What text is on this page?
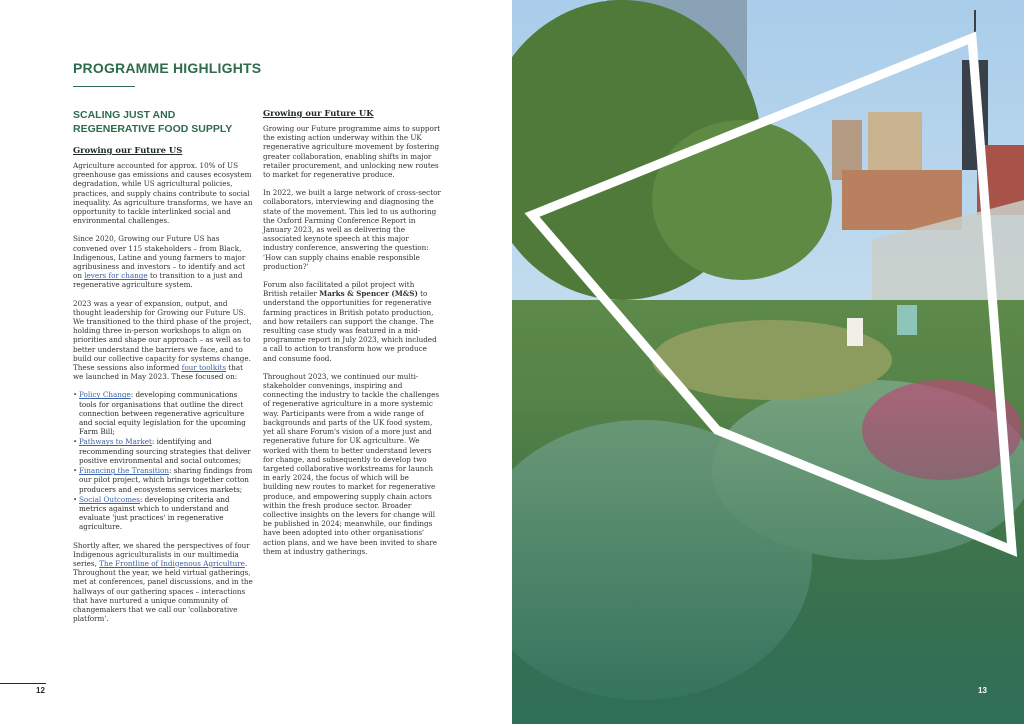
PROGRAMME HIGHLIGHTS
SCALING JUST AND REGENERATIVE FOOD SUPPLY
Growing our Future US

Agriculture accounted for approx. 10% of US greenhouse gas emissions and causes ecosystem degradation, while US agricultural policies, practices, and supply chains contribute to social inequality. As agriculture transforms, we have an opportunity to tackle interlinked social and environmental challenges.

Since 2020, Growing our Future US has convened over 115 stakeholders – from Black, Indigenous, Latine and young farmers to major agribusiness and investors – to identify and act on levers for change to transition to a just and regenerative agriculture system.

2023 was a year of expansion, output, and thought leadership for Growing our Future US. We transitioned to the third phase of the project, holding three in-person workshops to align on priorities and shape our approach – as well as to better understand the barriers we face, and to build our collective capacity for systems change. These sessions also informed four toolkits that we launched in May 2023. These focused on:

• Policy Change: developing communications tools for organisations that outline the direct connection between regenerative agriculture and social equity legislation for the upcoming Farm Bill;
• Pathways to Market: identifying and recommending sourcing strategies that deliver positive environmental and social outcomes;
• Financing the Transition: sharing findings from our pilot project, which brings together cotton producers and ecosystems services markets;
• Social Outcomes: developing criteria and metrics against which to understand and evaluate 'just practices' in regenerative agriculture.

Shortly after, we shared the perspectives of four Indigenous agriculturalists in our multimedia series, The Frontline of Indigenous Agriculture. Throughout the year, we held virtual gatherings, met at conferences, panel discussions, and in the hallways of our gathering spaces – interactions that have nurtured a unique community of changemakers that we call our 'collaborative platform'.

Growing our Future UK

Growing our Future programme aims to support the existing action underway within the UK regenerative agriculture movement by fostering greater collaboration, enabling shifts in major retailer procurement, and unlocking new routes to market for regenerative produce.

In 2022, we built a large network of cross-sector collaborators, interviewing and diagnosing the state of the movement. This led to us authoring the Oxford Farming Conference Report in January 2023, as well as delivering the associated keynote speech at this major industry conference, answering the question: 'How can supply chains enable responsible production?'

Forum also facilitated a pilot project with British retailer Marks & Spencer (M&S) to understand the opportunities for regenerative farming practices in British potato production, and how retailers can support the change. The resulting case study was featured in a mid-programme report in July 2023, which included a call to action to transform how we produce and consume food.

Throughout 2023, we continued our multi-stakeholder convenings, inspiring and connecting the industry to tackle the challenges of regenerative agriculture in a more systemic way. Participants were from a wide range of backgrounds and parts of the UK food system, yet all share Forum's vision of a more just and regenerative future for UK agriculture. We worked with them to better understand levers for change, and subsequently to develop two targeted collaborative workstreams for launch in early 2024, the focus of which will be building new routes to market for regenerative produce, and empowering supply chain actors within the fresh produce sector. Broader collective insights on the levers for change will be published in 2024; meanwhile, our findings have been adopted into other organisations' action plans, and we have been invited to share them at industry gatherings.

12	13
